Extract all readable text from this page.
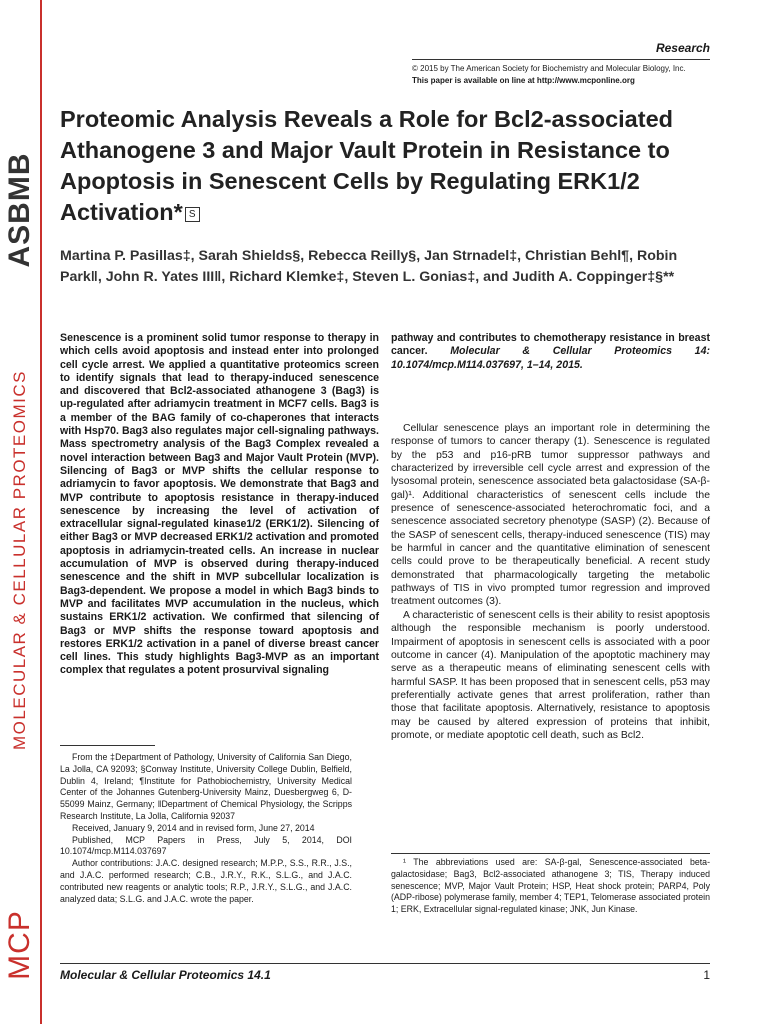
ASBMB
MOLECULAR & CELLULAR PROTEOMICS
MCP
Research
© 2015 by The American Society for Biochemistry and Molecular Biology, Inc.
This paper is available on line at http://www.mcponline.org
Proteomic Analysis Reveals a Role for Bcl2-associated Athanogene 3 and Major Vault Protein in Resistance to Apoptosis in Senescent Cells by Regulating ERK1/2 Activation* S
Martina P. Pasillas‡, Sarah Shields§, Rebecca Reilly§, Jan Strnadel‡, Christian Behl¶, Robin Park‖, John R. Yates III‖, Richard Klemke‡, Steven L. Gonias‡, and Judith A. Coppinger‡§**

Senescence is a prominent solid tumor response to therapy in which cells avoid apoptosis and instead enter into prolonged cell cycle arrest. We applied a quantitative proteomics screen to identify signals that lead to therapy-induced senescence and discovered that Bcl2-associated athanogene 3 (Bag3) is up-regulated after adriamycin treatment in MCF7 cells. Bag3 is a member of the BAG family of co-chaperones that interacts with Hsp70. Bag3 also regulates major cell-signaling pathways. Mass spectrometry analysis of the Bag3 Complex revealed a novel interaction between Bag3 and Major Vault Protein (MVP). Silencing of Bag3 or MVP shifts the cellular response to adriamycin to favor apoptosis. We demonstrate that Bag3 and MVP contribute to apoptosis resistance in therapy-induced senescence by increasing the level of activation of extracellular signal-regulated kinase1/2 (ERK1/2). Silencing of either Bag3 or MVP decreased ERK1/2 activation and promoted apoptosis in adriamycin-treated cells. An increase in nuclear accumulation of MVP is observed during therapy-induced senescence and the shift in MVP subcellular localization is Bag3-dependent. We propose a model in which Bag3 binds to MVP and facilitates MVP accumulation in the nucleus, which sustains ERK1/2 activation. We confirmed that silencing of Bag3 or MVP shifts the response toward apoptosis and restores ERK1/2 activation in a panel of diverse breast cancer cell lines. This study highlights Bag3-MVP as an important complex that regulates a potent prosurvival signaling

pathway and contributes to chemotherapy resistance in breast cancer. Molecular & Cellular Proteomics 14: 10.1074/mcp.M114.037697, 1–14, 2015.

From the ‡Department of Pathology, University of California San Diego, La Jolla, CA 92093; §Conway Institute, University College Dublin, Belfield, Dublin 4, Ireland; ¶Institute for Pathobiochemistry, University Medical Center of the Johannes Gutenberg-University Mainz, Duesbergweg 6, D-55099 Mainz, Germany; ‖Department of Chemical Physiology, the Scripps Research Institute, La Jolla, California 92037

Received, January 9, 2014 and in revised form, June 27, 2014

Published, MCP Papers in Press, July 5, 2014, DOI 10.1074/mcp.M114.037697

Author contributions: J.A.C. designed research; M.P.P., S.S., R.R., J.S., and J.A.C. performed research; C.B., J.R.Y., R.K., S.L.G., and J.A.C. contributed new reagents or analytic tools; R.P., J.R.Y., S.L.G., and J.A.C. analyzed data; S.L.G. and J.A.C. wrote the paper.

Cellular senescence plays an important role in determining the response of tumors to cancer therapy (1). Senescence is regulated by the p53 and p16-pRB tumor suppressor pathways and characterized by irreversible cell cycle arrest and expression of the lysosomal protein, senescence associated beta galactosidase (SA-β-gal)¹. Additional characteristics of senescent cells include the presence of senescence-associated heterochromatic foci, and a senescence associated secretory phenotype (SASP) (2). Because of the SASP of senescent cells, therapy-induced senescence (TIS) may be harmful in cancer and the quantitative elimination of senescent cells could prove to be therapeutically beneficial. A recent study demonstrated that pharmacologically targeting the metabolic pathways of TIS in vivo prompted tumor regression and improved treatment outcomes (3).

A characteristic of senescent cells is their ability to resist apoptosis although the responsible mechanism is poorly understood. Impairment of apoptosis in senescent cells is associated with a poor outcome in cancer (4). Manipulation of the apoptotic machinery may serve as a therapeutic means of eliminating senescent cells with harmful SASP. It has been proposed that in senescent cells, p53 may preferentially activate genes that arrest proliferation, rather than those that facilitate apoptosis. Alternatively, resistance to apoptosis may be caused by altered expression of proteins that inhibit, promote, or mediate apoptotic cell death, such as Bcl2.

¹ The abbreviations used are: SA-β-gal, Senescence-associated beta-galactosidase; Bag3, Bcl2-associated athanogene 3; TIS, Therapy induced senescence; MVP, Major Vault Protein; HSP, Heat shock protein; PARP4, Poly (ADP-ribose) polymerase family, member 4; TEP1, Telomerase associated protein 1; ERK, Extracellular signal-regulated kinase; JNK, Jun Kinase.

Molecular & Cellular Proteomics 14.1	1
